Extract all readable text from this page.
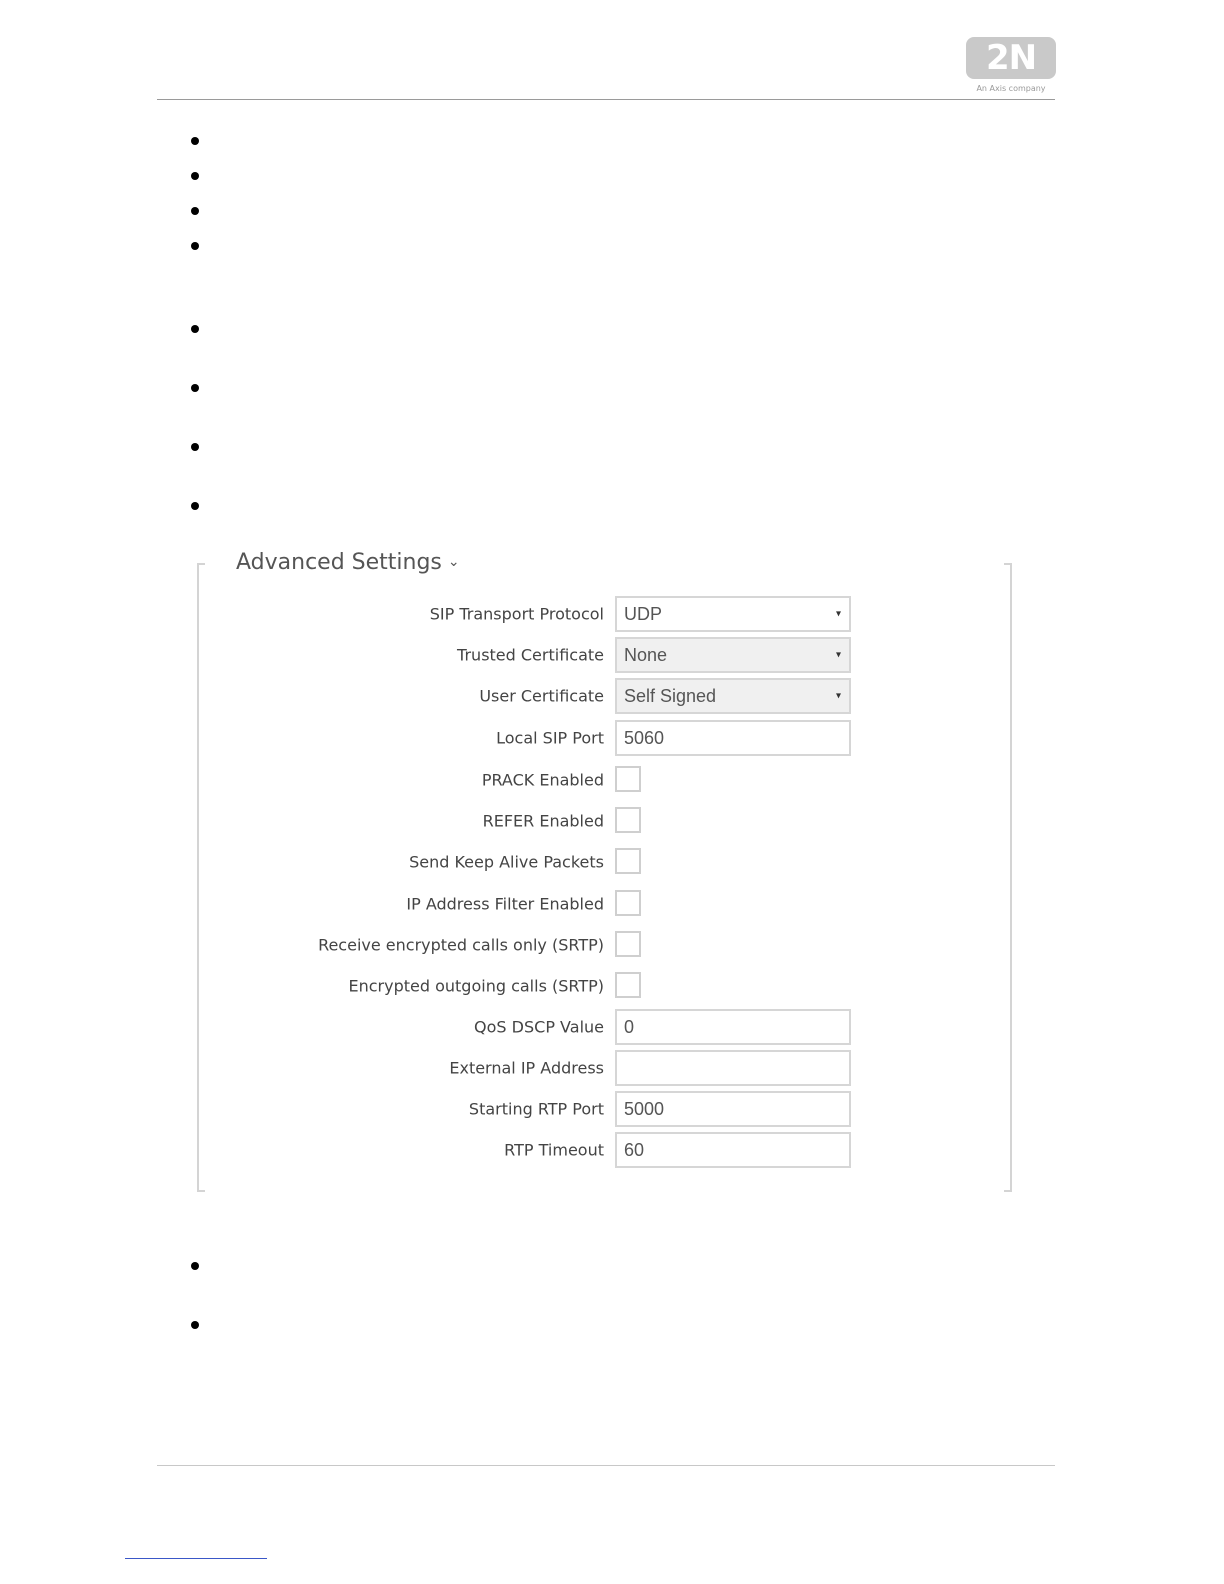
2N
An Axis company
Advanced Settings ⌄
SIP Transport Protocol UDP	▾
Trusted Certificate None	▾
User Certificate Self Signed	▾
Local SIP Port 5060
PRACK Enabled
REFER Enabled
Send Keep Alive Packets
IP Address Filter Enabled
Receive encrypted calls only (SRTP)
Encrypted outgoing calls (SRTP)
QoS DSCP Value 0
External IP Address
Starting RTP Port 5000
RTP Timeout 60
